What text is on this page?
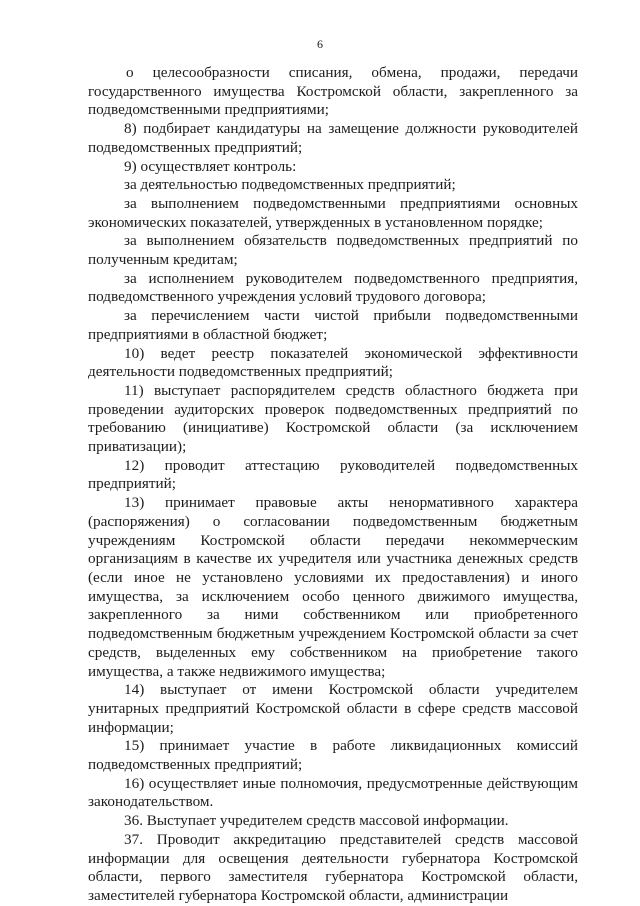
6

о целесообразности списания, обмена, продажи, передачи государственного имущества Костромской области, закрепленного за подведомственными предприятиями;

8) подбирает кандидатуры на замещение должности руководителей подведомственных предприятий;

9) осуществляет контроль:

за деятельностью подведомственных предприятий;

за выполнением подведомственными предприятиями основных экономических показателей, утвержденных в установленном порядке;

за выполнением обязательств подведомственных предприятий по полученным кредитам;

за исполнением руководителем подведомственного предприятия, подведомственного учреждения условий трудового договора;

за перечислением части чистой прибыли подведомственными предприятиями в областной бюджет;

10) ведет реестр показателей экономической эффективности деятельности подведомственных предприятий;

11) выступает распорядителем средств областного бюджета при проведении аудиторских проверок подведомственных предприятий по требованию (инициативе) Костромской области (за исключением приватизации);

12) проводит аттестацию руководителей подведомственных предприятий;

13) принимает правовые акты ненормативного характера (распоряжения) о согласовании подведомственным бюджетным учреждениям Костромской области передачи некоммерческим организациям в качестве их учредителя или участника денежных средств (если иное не установлено условиями их предоставления) и иного имущества, за исключением особо ценного движимого имущества, закрепленного за ними собственником или приобретенного подведомственным бюджетным учреждением Костромской области за счет средств, выделенных ему собственником на приобретение такого имущества, а также недвижимого имущества;

14) выступает от имени Костромской области учредителем унитарных предприятий Костромской области в сфере средств массовой информации;

15) принимает участие в работе ликвидационных комиссий подведомственных предприятий;

16) осуществляет иные полномочия, предусмотренные действующим законодательством.

36. Выступает учредителем средств массовой информации.

37. Проводит аккредитацию представителей средств массовой информации для освещения деятельности губернатора Костромской области, первого заместителя губернатора Костромской области, заместителей губернатора Костромской области, администрации
